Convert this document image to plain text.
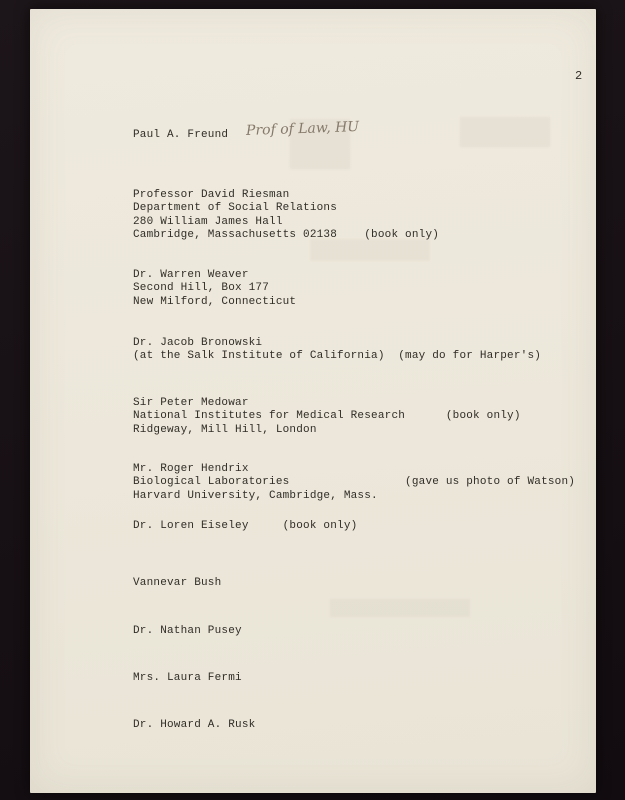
2
Prof of Law, HU
Paul A. Freund
Professor David Riesman
Department of Social Relations
280 William James Hall
Cambridge, Massachusetts 02138    (book only)
Dr. Warren Weaver
Second Hill, Box 177
New Milford, Connecticut
Dr. Jacob Bronowski
(at the Salk Institute of California)  (may do for Harper's)
Sir Peter Medowar
National Institutes for Medical Research      (book only)
Ridgeway, Mill Hill, London
Mr. Roger Hendrix
Biological Laboratories                 (gave us photo of Watson)
Harvard University, Cambridge, Mass.
Dr. Loren Eiseley     (book only)
Vannevar Bush
Dr. Nathan Pusey
Mrs. Laura Fermi
Dr. Howard A. Rusk
